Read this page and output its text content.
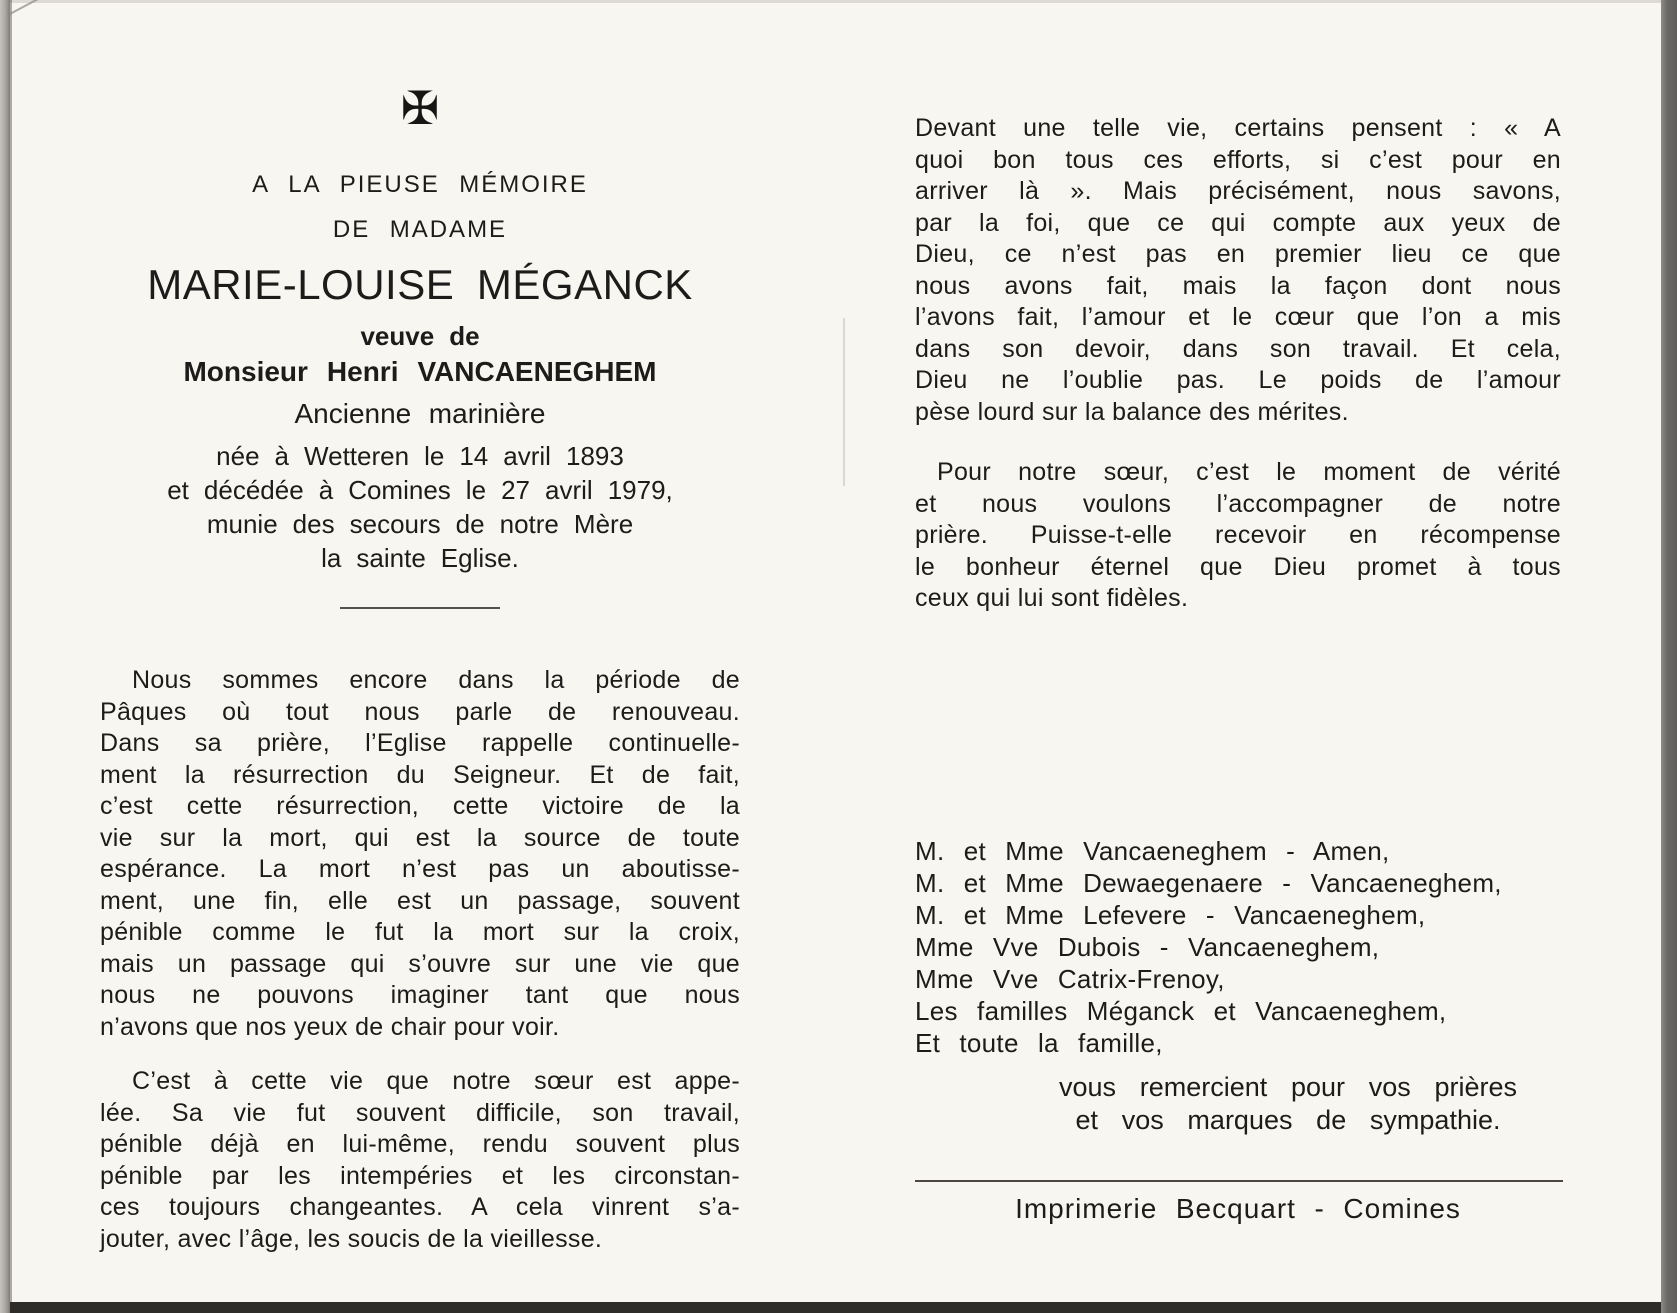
✠
A LA PIEUSE MÉMOIRE
DE MADAME
MARIE-LOUISE MÉGANCK
veuve de
Monsieur Henri VANCAENEGHEM
Ancienne marinière
née à Wetteren le 14 avril 1893
et décédée à Comines le 27 avril 1979,
munie des secours de notre Mère
la sainte Eglise.
Nous sommes encore dans la période de
Pâques où tout nous parle de renouveau.
Dans sa prière, l’Eglise rappelle continuelle-
ment la résurrection du Seigneur. Et de fait,
c’est cette résurrection, cette victoire de la
vie sur la mort, qui est la source de toute
espérance. La mort n’est pas un aboutisse-
ment, une fin, elle est un passage, souvent
pénible comme le fut la mort sur la croix,
mais un passage qui s’ouvre sur une vie que
nous ne pouvons imaginer tant que nous
n’avons que nos yeux de chair pour voir.
C’est à cette vie que notre sœur est appe-
lée. Sa vie fut souvent difficile, son travail,
pénible déjà en lui-même, rendu souvent plus
pénible par les intempéries et les circonstan-
ces toujours changeantes. A cela vinrent s’a-
jouter, avec l’âge, les soucis de la vieillesse.
Devant une telle vie, certains pensent : « A
quoi bon tous ces efforts, si c’est pour en
arriver là ». Mais précisément, nous savons,
par la foi, que ce qui compte aux yeux de
Dieu, ce n’est pas en premier lieu ce que
nous avons fait, mais la façon dont nous
l’avons fait, l’amour et le cœur que l’on a mis
dans son devoir, dans son travail. Et cela,
Dieu ne l’oublie pas. Le poids de l’amour
pèse lourd sur la balance des mérites.
Pour notre sœur, c’est le moment de vérité
et nous voulons l’accompagner de notre
prière. Puisse-t-elle recevoir en récompense
le bonheur éternel que Dieu promet à tous
ceux qui lui sont fidèles.
M. et Mme Vancaeneghem - Amen,
M. et Mme Dewaegenaere - Vancaeneghem,
M. et Mme Lefevere - Vancaeneghem,
Mme Vve Dubois - Vancaeneghem,
Mme Vve Catrix-Frenoy,
Les familles Méganck et Vancaeneghem,
Et toute la famille,
vous remercient pour vos prières
et vos marques de sympathie.
Imprimerie Becquart - Comines
